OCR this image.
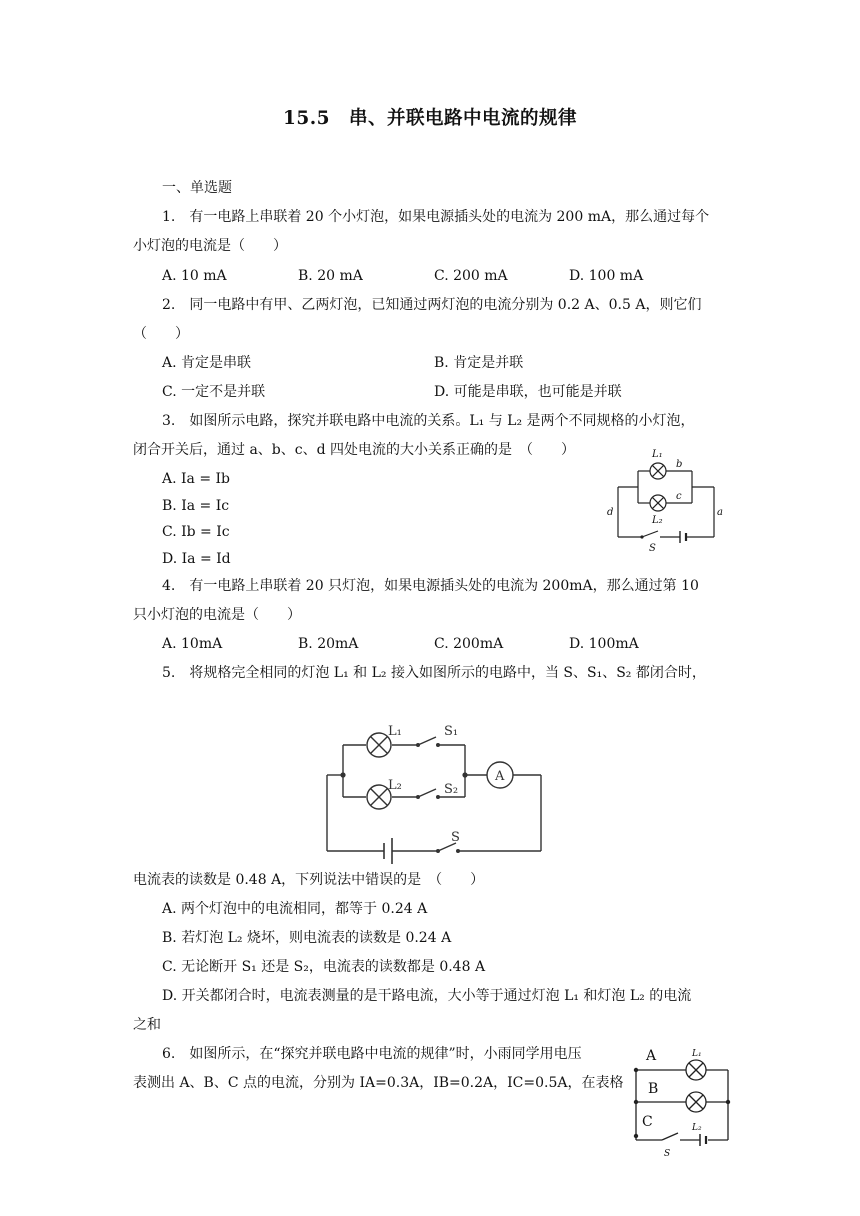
15.5　串、并联电路中电流的规律
一、单选题
1.　有一电路上串联着 20 个小灯泡，如果电源插头处的电流为 200 mA，那么通过每个
小灯泡的电流是（　　）
A. 10 mA	B. 20 mA	C. 200 mA	D. 100 mA
2.　同一电路中有甲、乙两灯泡，已知通过两灯泡的电流分别为 0.2 A、0.5 A，则它们
（　　）
A. 肯定是串联	B. 肯定是并联
C. 一定不是并联	D. 可能是串联，也可能是并联
3.　如图所示电路，探究并联电路中电流的关系。L₁ 与 L₂ 是两个不同规格的小灯泡，
闭合开关后，通过 a、b、c、d 四处电流的大小关系正确的是　（　　）
A. Ia = Ib
B. Ia = Ic
C. Ib = Ic
D. Ia = Id
L₁
L₂
b
c
d	a
S
4.　有一电路上串联着 20 只灯泡，如果电源插头处的电流为 200mA，那么通过第 10
只小灯泡的电流是（　　）
A. 10mA	B. 20mA	C. 200mA	D. 100mA
5.　将规格完全相同的灯泡 L₁ 和 L₂ 接入如图所示的电路中，当 S、S₁、S₂ 都闭合时，
L₁	S₁
L₂	S₂
A
S
电流表的读数是 0.48 A，下列说法中错误的是　（　　）
A. 两个灯泡中的电流相同，都等于 0.24 A
B. 若灯泡 L₂ 烧坏，则电流表的读数是 0.24 A
C. 无论断开 S₁ 还是 S₂，电流表的读数都是 0.48 A
D. 开关都闭合时，电流表测量的是干路电流，大小等于通过灯泡 L₁ 和灯泡 L₂ 的电流
之和
6.　如图所示，在“探究并联电路中电流的规律”时，小雨同学用电压
表测出 A、B、C 点的电流，分别为 IA=0.3A，IB=0.2A，IC=0.5A，在表格
A
B
C
L₁
L₂
S
